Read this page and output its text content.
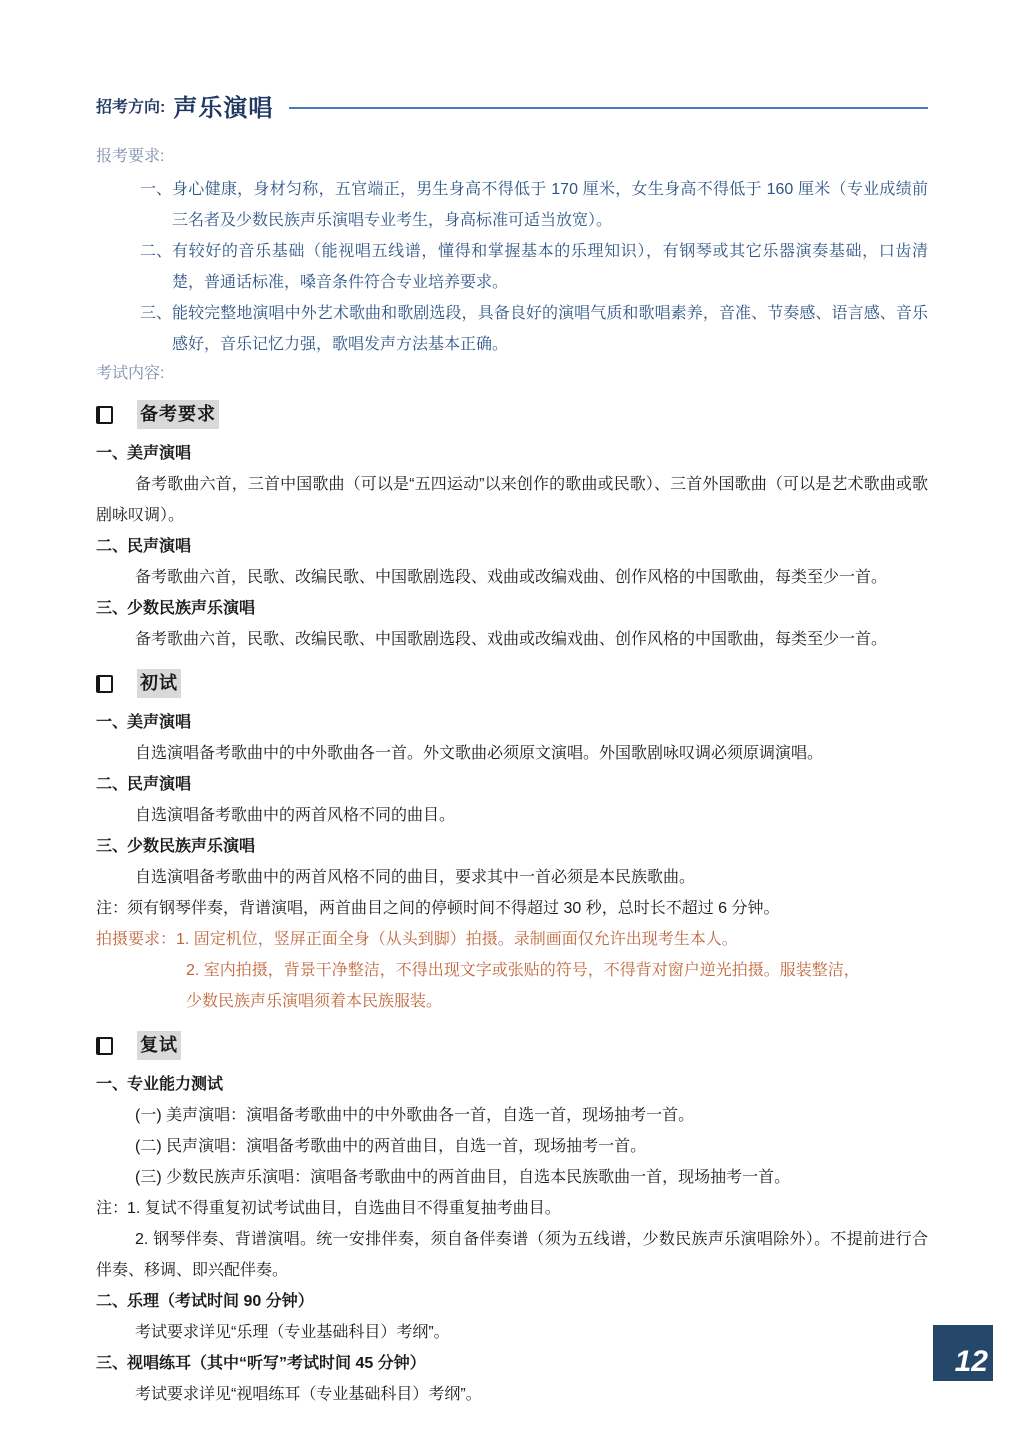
招考方向: 声乐演唱
报考要求:
一、 身心健康，身材匀称，五官端正，男生身高不得低于 170 厘米，女生身高不得低于 160 厘米（专业成绩前三名者及少数民族声乐演唱专业考生，身高标准可适当放宽）。
二、 有较好的音乐基础（能视唱五线谱，懂得和掌握基本的乐理知识），有钢琴或其它乐器演奏基础，口齿清楚，普通话标准，嗓音条件符合专业培养要求。
三、 能较完整地演唱中外艺术歌曲和歌剧选段，具备良好的演唱气质和歌唱素养，音准、节奏感、语言感、音乐感好，音乐记忆力强，歌唱发声方法基本正确。
考试内容:
备考要求
一、
美声演唱
备考歌曲六首，三首中国歌曲（可以是“五四运动”以来创作的歌曲或民歌）、三首外国歌曲（可以是艺术歌曲或歌剧咏叹调）。
二、
民声演唱
备考歌曲六首，民歌、改编民歌、中国歌剧选段、戏曲或改编戏曲、创作风格的中国歌曲，每类至少一首。
三、
少数民族声乐演唱
备考歌曲六首，民歌、改编民歌、中国歌剧选段、戏曲或改编戏曲、创作风格的中国歌曲，每类至少一首。
初试
一、
美声演唱
自选演唱备考歌曲中的中外歌曲各一首。外文歌曲必须原文演唱。外国歌剧咏叹调必须原调演唱。
二、
民声演唱
自选演唱备考歌曲中的两首风格不同的曲目。
三、
少数民族声乐演唱
自选演唱备考歌曲中的两首风格不同的曲目，要求其中一首必须是本民族歌曲。
注：
须有钢琴伴奏，背谱演唱，两首曲目之间的停顿时间不得超过 30 秒，总时长不超过 6 分钟。
拍摄要求：1. 固定机位，竖屏正面全身（从头到脚）拍摄。录制画面仅允许出现考生本人。
2. 室内拍摄，背景干净整洁，不得出现文字或张贴的符号，不得背对窗户逆光拍摄。服装整洁，
少数民族声乐演唱须着本民族服装。
复试
一、
专业能力测试
(一) 美声演唱：演唱备考歌曲中的中外歌曲各一首，自选一首，现场抽考一首。
(二) 民声演唱：演唱备考歌曲中的两首曲目，自选一首，现场抽考一首。
(三) 少数民族声乐演唱：演唱备考歌曲中的两首曲目，自选本民族歌曲一首，现场抽考一首。
注：
1. 复试不得重复初试考试曲目，自选曲目不得重复抽考曲目。
2. 钢琴伴奏、背谱演唱。统一安排伴奏，须自备伴奏谱（须为五线谱，少数民族声乐演唱除外）。不提前进行合伴奏、移调、即兴配伴奏。
二、
乐理（考试时间 90 分钟）
考试要求详见“乐理（专业基础科目）考纲”。
三、
视唱练耳（其中“听写”考试时间 45 分钟）
考试要求详见“视唱练耳（专业基础科目）考纲”。
12
